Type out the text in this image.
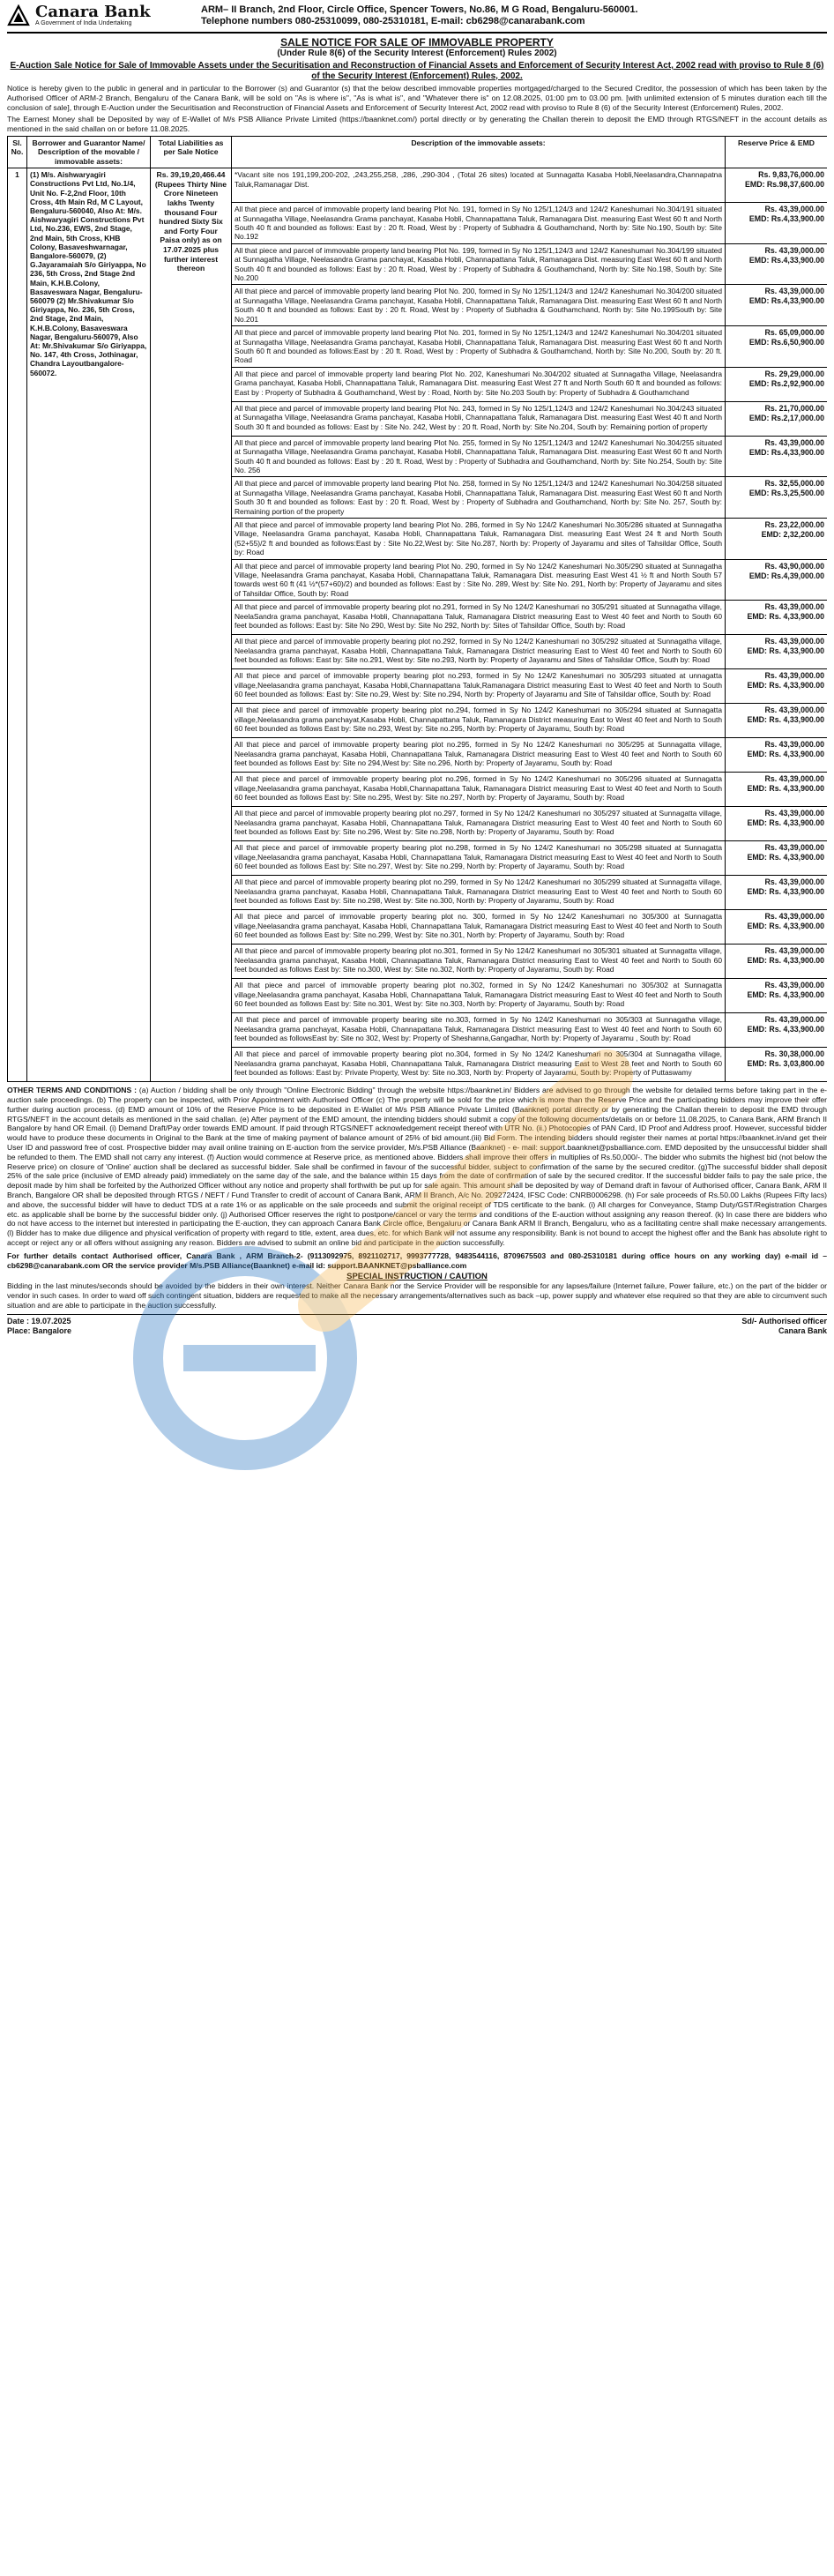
Canara Bank
A Government of India Undertaking
ARM– II Branch, 2nd Floor, Circle Office, Spencer Towers, No.86, M G Road, Bengaluru-560001.
Telephone numbers 080-25310099, 080-25310181, E-mail: cb6298@canarabank.com
SALE NOTICE FOR SALE OF IMMOVABLE PROPERTY
(Under Rule 8(6) of the Security Interest (Enforcement) Rules 2002)
E-Auction Sale Notice for Sale of Immovable Assets under the Securitisation and Reconstruction of Financial Assets and Enforcement of Security Interest Act, 2002 read with proviso to Rule 8 (6) of the Security Interest (Enforcement) Rules, 2002.

Notice is hereby given to the public in general and in particular to the Borrower (s) and Guarantor (s) that the below described immovable properties mortgaged/charged to the Secured Creditor, the possession of which has been taken by the Authorised Officer of ARM-2 Branch, Bengaluru of the Canara Bank, will be sold on "As is where is", "As is what is", and "Whatever there is" on 12.08.2025, 01:00 pm to 03.00 pm. [with unlimited extension of 5 minutes duration each till the conclusion of sale], through E-Auction under the Securitisation and Reconstruction of Financial Assets and Enforcement of Security Interest Act, 2002 read with proviso to Rule 8 (6) of the Security Interest (Enforcement) Rules, 2002.

The Earnest Money shall be Deposited by way of E-Wallet of M/s PSB Alliance Private Limited (https://baanknet.com/) portal directly or by generating the Challan therein to deposit the EMD through RTGS/NEFT in the account details as mentioned in the said challan on or before 11.08.2025.

Sl. No.	Borrower and Guarantor Name/ Description of the movable / immovable assets:	Total Liabilities as per Sale Notice	Description of the immovable assets:	Reserve Price & EMD
1	(1) M/s. Aishwaryagiri Constructions Pvt Ltd, No.1/4, Unit No. F-2,2nd Floor, 10th Cross, 4th Main Rd, M C Layout, Bengaluru-560040, Also At: M/s. Aishwaryagiri Constructions Pvt Ltd, No.236, EWS, 2nd Stage, 2nd Main, 5th Cross, KHB Colony, Basaveshwarnagar, Bangalore-560079, (2) G.Jayaramaiah S/o Giriyappa, No 236, 5th Cross, 2nd Stage 2nd Main, K.H.B.Colony, Basaveswara Nagar, Bengaluru-560079 (2) Mr.Shivakumar S/o Giriyappa, No. 236, 5th Cross, 2nd Stage, 2nd Main, K.H.B.Colony, Basaveswara Nagar, Bengaluru-560079, Also At: Mr.Shivakumar S/o Giriyappa, No. 147, 4th Cross, Jothinagar, Chandra Layoutbangalore-560072.	Rs. 39,19,20,466.44 (Rupees Thirty Nine Crore Nineteen lakhs Twenty thousand Four hundred Sixty Six and Forty Four Paisa only) as on 17.07.2025 plus further interest thereon	*Vacant site nos 191,199,200-202, ,243,255,258, ,286, ,290-304 , (Total 26 sites) located at Sunnagatta Kasaba Hobli,Neelasandra,Channapatna Taluk,Ramanagar Dist.	Rs. 9,83,76,000.00
EMD: Rs.98,37,600.00

			All that piece and parcel of immovable property land bearing Plot No. 191, formed in Sy No 125/1,124/3 and 124/2 Kaneshumari No.304/191 situated at Sunnagatha Village, Neelasandra Grama panchayat, Kasaba Hobli, Channapattana Taluk, Ramanagara Dist. measuring East West 60 ft and North South 40 ft and bounded as follows: East by : 20 ft. Road, West by : Property of Subhadra & Gouthamchand, North by: Site No.190, South by: Site No.192	Rs. 43,39,000.00
EMD: Rs.4,33,900.00

			All that piece and parcel of immovable property land bearing Plot No. 199, formed in Sy No 125/1,124/3 and 124/2 Kaneshumari No.304/199 situated at Sunnagatha Village, Neelasandra Grama panchayat, Kasaba Hobli, Channapattana Taluk, Ramanagara Dist. measuring East West 60 ft and North South 40 ft and bounded as follows: East by : 20 ft. Road, West by : Property of Subhadra & Gouthamchand, North by: Site No.198, South by: Site No.200	Rs. 43,39,000.00
EMD: Rs.4,33,900.00

			All that piece and parcel of immovable property land bearing Plot No. 200, formed in Sy No 125/1,124/3 and 124/2 Kaneshumari No.304/200 situated at Sunnagatha Village, Neelasandra Grama panchayat, Kasaba Hobli, Channapattana Taluk, Ramanagara Dist. measuring East West 60 ft and North South 40 ft and bounded as follows: East by : 20 ft. Road, West by : Property of Subhadra & Gouthamchand, North by: Site No.199South by: Site No.201	Rs. 43,39,000.00
EMD: Rs.4,33,900.00

			All that piece and parcel of immovable property land bearing Plot No. 201, formed in Sy No 125/1,124/3 and 124/2 Kaneshumari No.304/201 situated at Sunnagatha Village, Neelasandra Grama panchayat, Kasaba Hobli, Channapattana Taluk, Ramanagara Dist. measuring East West 60 ft and North South 60 ft and bounded as follows:East by : 20 ft. Road, West by : Property of Subhadra & Gouthamchand, North by: Site No.200, South by: 20 ft. Road	Rs. 65,09,000.00
EMD: Rs.6,50,900.00

			All that piece and parcel of immovable property land bearing Plot No. 202, Kaneshumari No.304/202 situated at Sunnagatha Village, Neelasandra Grama panchayat, Kasaba Hobli, Channapattana Taluk, Ramanagara Dist. measuring East West 27 ft and North South 60 ft and bounded as follows: East by : Property of Subhadra & Gouthamchand, West by : Road, North by: Site No.203 South by: Property of Subhadra & Gouthamchand	Rs. 29,29,000.00
EMD: Rs.2,92,900.00

			All that piece and parcel of immovable property land bearing Plot No. 243, formed in Sy No 125/1,124/3 and 124/2 Kaneshumari No.304/243 situated at Sunnagatha Village, Neelasandra Grama panchayat, Kasaba Hobli, Channapattana Taluk, Ramanagara Dist. measuring East West 40 ft and North South 30 ft and bounded as follows: East by : Site No. 242, West by : 20 ft. Road, North by: Site No.204, South by: Remaining portion of property	Rs. 21,70,000.00
EMD: Rs.2,17,000.00

			All that piece and parcel of immovable property land bearing Plot No. 255, formed in Sy No 125/1,124/3 and 124/2 Kaneshumari No.304/255 situated at Sunnagatha Village, Neelasandra Grama panchayat, Kasaba Hobli, Channapattana Taluk, Ramanagara Dist. measuring East West 60 ft and North South 40 ft and bounded as follows: East by : 20 ft. Road, West by : Property of Subhadra and Gouthamchand, North by: Site No.254, South by: Site No. 256	Rs. 43,39,000.00
EMD: Rs.4,33,900.00

			All that piece and parcel of immovable property land bearing Plot No. 258, formed in Sy No 125/1,124/3 and 124/2 Kaneshumari No.304/258 situated at Sunnagatha Village, Neelasandra Grama panchayat, Kasaba Hobli, Channapattana Taluk, Ramanagara Dist. measuring East West 60 ft and North South 30 ft and bounded as follows: East by : 20 ft. Road, West by : Property of Subhadra and Gouthamchand, North by: Site No. 257, South by: Remaining portion of the property	Rs. 32,55,000.00
EMD: Rs.3,25,500.00

			All that piece and parcel of immovable property land bearing Plot No. 286, formed in Sy No 124/2 Kaneshumari No.305/286 situated at Sunnagatha Village, Neelasandra Grama panchayat, Kasaba Hobli, Channapattana Taluk, Ramanagara Dist. measuring East West 24 ft and North South (52+55)/2 ft and bounded as follows:East by : Site No.22,West by: Site No.287, North by: Property of Jayaramu and sites of Tahsildar Office, South by: Road	Rs. 23,22,000.00
EMD: 2,32,200.00

			All that piece and parcel of immovable property land bearing Plot No. 290, formed in Sy No 124/2 Kaneshumari No.305/290 situated at Sunnagatha Village, Neelasandra Grama panchayat, Kasaba Hobli, Channapattana Taluk, Ramanagara Dist. measuring East West 41 ½ ft and North South 57 towards west 60 ft (41 ½*(57+60)/2) and bounded as follows: East by : Site No. 289, West by: Site No. 291, North by: Property of Jayaramu and sites of Tahsildar Office, South by: Road	Rs. 43,90,000.00
EMD: Rs.4,39,000.00

			All that piece and parcel of immovable property bearing plot no.291, formed in Sy No 124/2 Kaneshumari no 305/291 situated at Sunnagatha village, NeelaSandra grama panchayat, Kasaba Hobli, Channapattana Taluk, Ramanagara District measuring East to West 40 feet and North to South 60 feet bounded as follows: East by: Site No 290, West by: Site No 292, North by: Sites of Tahsildar Office, South by: Road	Rs. 43,39,000.00
EMD: Rs. 4,33,900.00

			All that piece and parcel of immovable property bearing plot no.292, formed in Sy No 124/2 Kaneshumari no 305/292 situated at Sunnagatha village, Neelasandra grama panchayat, Kasaba Hobli, Channapattana Taluk, Ramanagara District measuring East to West 40 feet and North to South 60 feet bounded as follows: East by: Site no.291, West by: Site no.293, North by: Property of Jayaramu and Sites of Tahsildar Office, South by: Road	Rs. 43,39,000.00
EMD: Rs. 4,33,900.00

			All that piece and parcel of immovable property bearing plot no.293, formed in Sy No 124/2 Kaneshumari no 305/293 situated at unnagatta village,Neelasandra grama panchayat, Kasaba Hobli,Channapattana Taluk,Ramanagara District measuring East to West 40 feet and North to South 60 feet bounded as follows: East by: Site no.29, West by: Site no.294, North by: Property of Jayaramu and Site of Tahsildar office, South by: Road	Rs. 43,39,000.00
EMD: Rs. 4,33,900.00

			All that piece and parcel of immovable property bearing plot no.294, formed in Sy No 124/2 Kaneshumari no 305/294 situated at Sunnagatta village,Neelasandra grama panchayat,Kasaba Hobli, Channapattana Taluk, Ramanagara District measuring East to West 40 feet and North to South 60 feet bounded as follows East by: Site no.293, West by: Site no.295, North by: Property of Jayaramu, South by: Road	Rs. 43,39,000.00
EMD: Rs. 4,33,900.00

			All that piece and parcel of immovable property bearing plot no.295, formed in Sy No 124/2 Kaneshumari no 305/295 at Sunnagatta village, Neelasandra grama panchayat, Kasaba Hobli, Channapattana Taluk, Ramanagara District measuring East to West 40 feet and North to South 60 feet bounded as follows East by: Site no 294,West by: Site no.296, North by: Property of Jayaramu, South by: Road	Rs. 43,39,000.00
EMD: Rs. 4,33,900.00

			All that piece and parcel of immovable property bearing plot no.296, formed in Sy No 124/2 Kaneshumari no 305/296 situated at Sunnagatta village,Neelasandra grama panchayat, Kasaba Hobli,Channapattana Taluk, Ramanagara District measuring East to West 40 feet and North to South 60 feet bounded as follows East by: Site no.295, West by: Site no.297, North by: Property of Jayaramu, South by: Road	Rs. 43,39,000.00
EMD: Rs. 4,33,900.00

			All that piece and parcel of immovable property bearing plot no.297, formed in Sy No 124/2 Kaneshumari no 305/297 situated at Sunnagatta village, Neelasandra grama panchayat, Kasaba Hobli, Channapattana Taluk, Ramanagara District measuring East to West 40 feet and North to South 60 feet bounded as follows East by: Site no.296, West by: Site no.298, North by: Property of Jayaramu, South by: Road	Rs. 43,39,000.00
EMD: Rs. 4,33,900.00

			All that piece and parcel of immovable property bearing plot no.298, formed in Sy No 124/2 Kaneshumari no 305/298 situated at Sunnagatta village,Neelasandra grama panchayat, Kasaba Hobli, Channapattana Taluk, Ramanagara District measuring East to West 40 feet and North to South 60 feet bounded as follows East by: Site no.297, West by: Site no.299, North by: Property of Jayaramu, South by: Road	Rs. 43,39,000.00
EMD: Rs. 4,33,900.00

			All that piece and parcel of immovable property bearing plot no.299, formed in Sy No 124/2 Kaneshumari no 305/299 situated at Sunnagatta village, Neelasandra grama panchayat, Kasaba Hobli, Channapattana Taluk, Ramanagara District measuring East to West 40 feet and North to South 60 feet bounded as follows East by: Site no.298, West by: Site no.300, North by: Property of Jayaramu, South by: Road	Rs. 43,39,000.00
EMD: Rs. 4,33,900.00

			All that piece and parcel of immovable property bearing plot no. 300, formed in Sy No 124/2 Kaneshumari no 305/300 at Sunnagatta village,Neelasandra grama panchayat, Kasaba Hobli, Channapattana Taluk, Ramanagara District measuring East to West 40 feet and North to South 60 feet bounded as follows East by: Site no.299, West by: Site no.301, North by: Property of Jayaramu, South by: Road	Rs. 43,39,000.00
EMD: Rs. 4,33,900.00

			All that piece and parcel of immovable property bearing plot no.301, formed in Sy No 124/2 Kaneshumari no 305/301 situated at Sunnagatta village, Neelasandra grama panchayat, Kasaba Hobli, Channapattana Taluk, Ramanagara District measuring East to West 40 feet and North to South 60 feet bounded as follows East by: Site no.300, West by: Site no.302, North by: Property of Jayaramu, South by: Road	Rs. 43,39,000.00
EMD: Rs. 4,33,900.00

			All that piece and parcel of immovable property bearing plot no.302, formed in Sy No 124/2 Kaneshumari no 305/302 at Sunnagatta village,Neelasandra grama panchayat, Kasaba Hobli, Channapattana Taluk, Ramanagara District measuring East to West 40 feet and North to South 60 feet bounded as follows East by: Site no.301, West by: Site no.303, North by: Property of Jayaramu, South by: Road	Rs. 43,39,000.00
EMD: Rs. 4,33,900.00

			All that piece and parcel of immovable property bearing site no.303, formed in Sy No 124/2 Kaneshumari no 305/303 at Sunnagatha village, Neelasandra grama panchayat, Kasaba Hobli, Channapattana Taluk, Ramanagara District measuring East to West 40 feet and North to South 60 feet bounded as followsEast by: Site no 302, West by: Property of Sheshanna,Gangadhar, North by: Property of Jayaramu , South by: Road	Rs. 43,39,000.00
EMD: Rs. 4,33,900.00

			All that piece and parcel of immovable property bearing plot no.304, formed in Sy No 124/2 Kaneshumari no 305/304 at Sunnagatha village, Neelasandra grama panchayat, Kasaba Hobli, Channapattana Taluk, Ramanagara District measuring East to West 28 feet and North to South 60 feet bounded as follows: East by: Private Property, West by: Site no.303, North by: Property of Jayaramu, South by: Property of Puttaswamy	Rs. 30,38,000.00
EMD: Rs. 3,03,800.00
OTHER TERMS AND CONDITIONS : (a) Auction / bidding shall be only through "Online Electronic Bidding" through the website https://baanknet.in/ Bidders are advised to go through the website for detailed terms before taking part in the e-auction sale proceedings. (b) The property can be inspected, with Prior Appointment with Authorised Officer (c) The property will be sold for the price which is more than the Reserve Price and the participating bidders may improve their offer further during auction process. (d) EMD amount of 10% of the Reserve Price is to be deposited in E-Wallet of M/s PSB Alliance Private Limited (Baanknet) portal directly or by generating the Challan therein to deposit the EMD through RTGS/NEFT in the account details as mentioned in the said challan. (e) After payment of the EMD amount, the intending bidders should submit a copy of the following documents/details on or before 11.08.2025, to Canara Bank, ARM Branch II Bangalore by hand OR Email. (i) Demand Draft/Pay order towards EMD amount. If paid through RTGS/NEFT acknowledgement receipt thereof with UTR No. (ii.) Photocopies of PAN Card, ID Proof and Address proof. However, successful bidder would have to produce these documents in Original to the Bank at the time of making payment of balance amount of 25% of bid amount.(iii) Bid Form. The intending bidders should register their names at portal https://baanknet.in/and get their User ID and password free of cost. Prospective bidder may avail online training on E-auction from the service provider, M/s.PSB Alliance (Baanknet) - e- mail: support.baanknet@psballiance.com. EMD deposited by the unsuccessful bidder shall be refunded to them. The EMD shall not carry any interest. (f) Auction would commence at Reserve price, as mentioned above. Bidders shall improve their offers in multiplies of Rs.50,000/-. The bidder who submits the highest bid (not below the Reserve price) on closure of 'Online' auction shall be declared as successful bidder. Sale shall be confirmed in favour of the successful bidder, subject to confirmation of the same by the secured creditor. (g)The successful bidder shall deposit 25% of the sale price (inclusive of EMD already paid) immediately on the same day of the sale, and the balance within 15 days from the date of confirmation of sale by the secured creditor. If the successful bidder fails to pay the sale price, the deposit made by him shall be forfeited by the Authorized Officer without any notice and property shall forthwith be put up for sale again. This amount shall be deposited by way of Demand draft in favour of Authorised officer, Canara Bank, ARM II Branch, Bangalore OR shall be deposited through RTGS / NEFT / Fund Transfer to credit of account of Canara Bank, ARM II Branch, A/c No. 209272424, IFSC Code: CNRB0006298. (h) For sale proceeds of Rs.50.00 Lakhs (Rupees Fifty lacs) and above, the successful bidder will have to deduct TDS at a rate 1% or as applicable on the sale proceeds and submit the original receipt of TDS certificate to the bank. (i) All charges for Conveyance, Stamp Duty/GST/Registration Charges etc. as applicable shall be borne by the successful bidder only. (j) Authorised Officer reserves the right to postpone/cancel or vary the terms and conditions of the E-auction without assigning any reason thereof. (k) In case there are bidders who do not have access to the internet but interested in participating the E-auction, they can approach Canara Bank Circle office, Bengaluru or Canara Bank ARM II Branch, Bengaluru, who as a facilitating centre shall make necessary arrangements. (l) Bidder has to make due diligence and physical verification of property with regard to title, extent, area dues, etc. for which Bank will not assume any responsibility. Bank is not bound to accept the highest offer and the Bank has absolute right to accept or reject any or all offers without assigning any reason. Bidders are advised to submit an online bid and participate in the auction successfully.
For further details contact Authorised officer, Canara Bank , ARM Branch-2- (9113092975, 8921102717, 9993777728, 9483544116, 8709675503 and 080-25310181 during office hours on any working day) e-mail id – cb6298@canarabank.com OR the service provider M/s.PSB Alliance(Baanknet) e-mail id: support.BAANKNET@psballiance.com
SPECIAL INSTRUCTION / CAUTION
Bidding in the last minutes/seconds should be avoided by the bidders in their own interest. Neither Canara Bank nor the Service Provider will be responsible for any lapses/failure (Internet failure, Power failure, etc.) on the part of the bidder or vendor in such cases. In order to ward off such contingent situation, bidders are requested to make all the necessary arrangements/alternatives such as back –up, power supply and whatever else required so that they are able to circumvent such situation and are able to participate in the auction successfully.
Date : 19.07.2025
Place: Bangalore
Sd/- Authorised officer
Canara Bank
